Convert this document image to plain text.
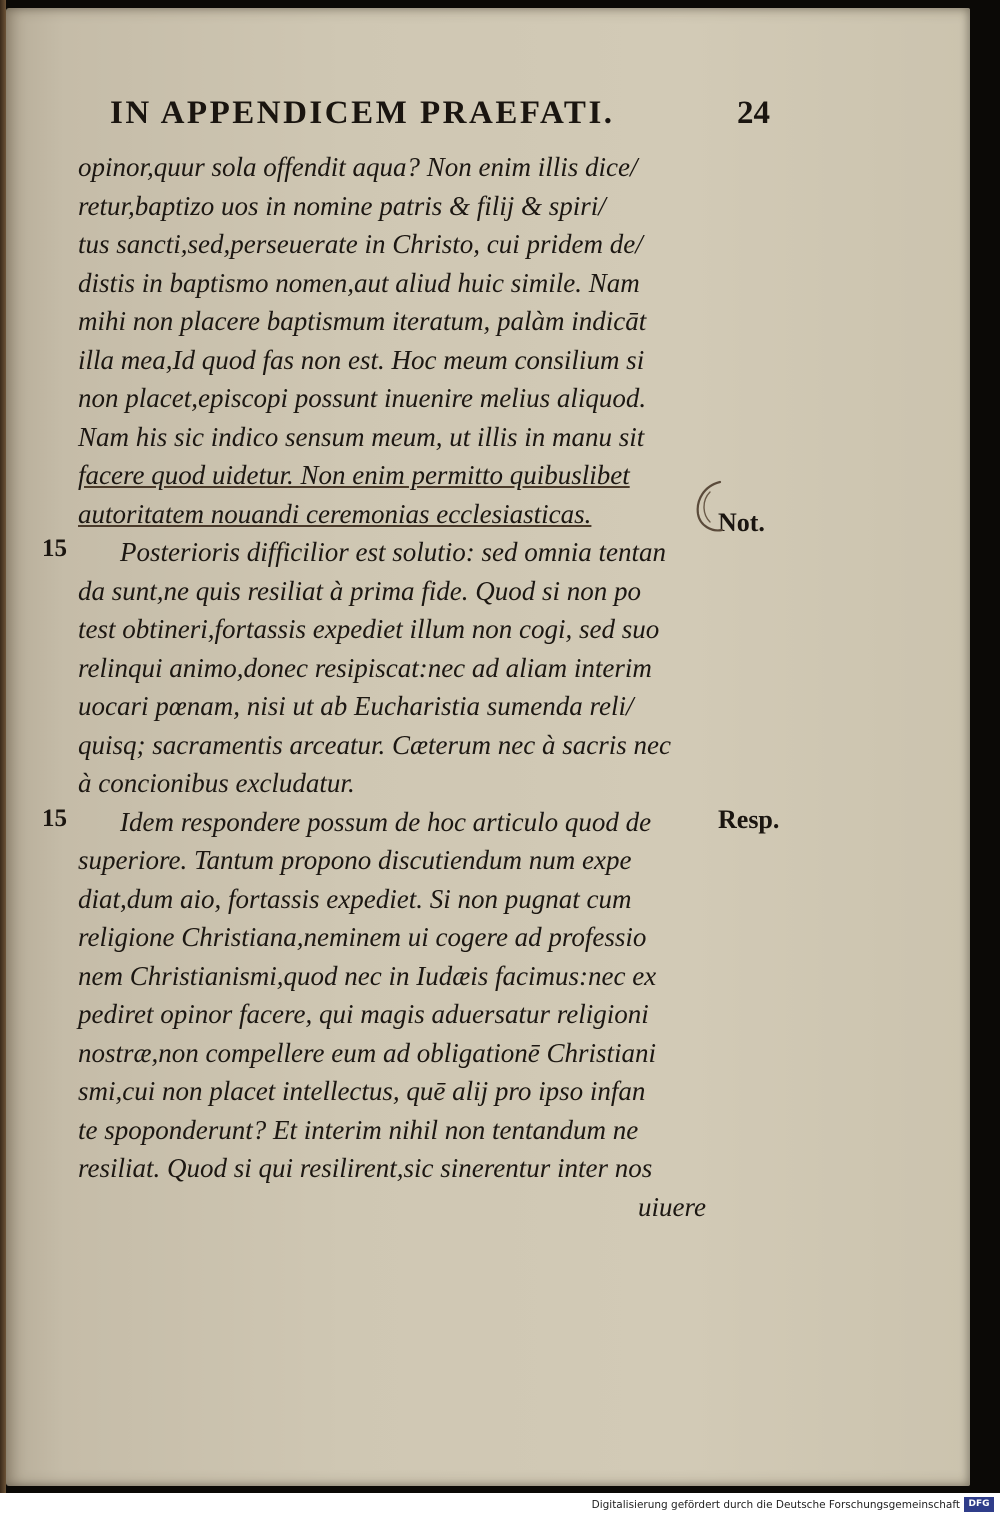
IN APPENDICEM PRAEFATI.	24
opinor,quur sola offendit aqua? Non enim illis dice/
retur,baptizo uos in nomine patris & filij & spiri/
tus sancti,sed,perseuerate in Christo, cui pridem de/
distis in baptismo nomen,aut aliud huic simile. Nam
mihi non placere baptismum iteratum, palàm indicāt
illa mea,Id quod fas non est. Hoc meum consilium si
non placet,episcopi possunt inuenire melius aliquod.
Nam his sic indico sensum meum, ut illis in manu sit
facere quod uidetur. Non enim permitto quibuslibet
autoritatem nouandi ceremonias ecclesiasticas.
Posterioris difficilior est solutio: sed omnia tentan
da sunt,ne quis resiliat à prima fide. Quod si non po
test obtineri,fortassis expediet illum non cogi, sed suo
relinqui animo,donec resipiscat:nec ad aliam interim
uocari pœnam, nisi ut ab Eucharistia sumenda reli/
quisq; sacramentis arceatur. Cæterum nec à sacris nec
à concionibus excludatur.
Idem respondere possum de hoc articulo quod de
superiore. Tantum propono discutiendum num expe
diat,dum aio, fortassis expediet. Si non pugnat cum
religione Christiana,neminem ui cogere ad professio
nem Christianismi,quod nec in Iudæis facimus:nec ex
pediret opinor facere, qui magis aduersatur religioni
nostræ,non compellere eum ad obligationē Christiani
smi,cui non placet intellectus, quē alij pro ipso infan
te spoponderunt? Et interim nihil non tentandum ne
resiliat. Quod si qui resilirent,sic sinerentur inter nos
uiuere
15
15
Not.
Resp.
Digitalisierung gefördert durch die Deutsche Forschungsgemeinschaft DFG
